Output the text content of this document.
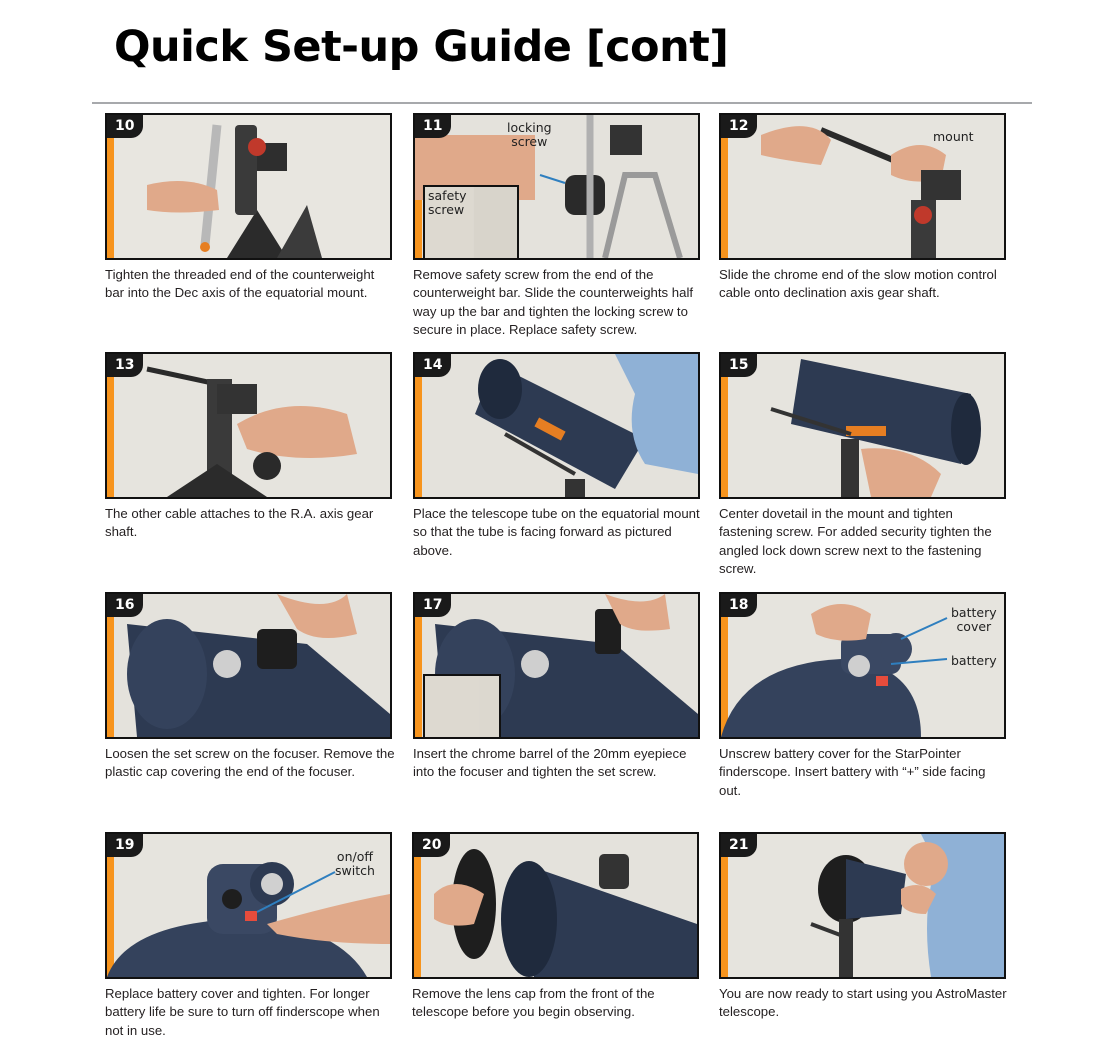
Quick Set-up Guide [cont]
10

Tighten the threaded end of the counterweight bar into the Dec axis of the equatorial mount.

11	locking
screw
safety
screw

Remove safety screw from the end of the counterweight bar. Slide the counterweights half way up the bar and tighten the locking screw to secure in place. Replace safety screw.

12
mount

Slide the chrome end of the slow motion control cable onto declination axis gear shaft.

13

The other cable attaches to the R.A. axis gear shaft.

14

Place the telescope tube on the equatorial mount so that the tube is facing forward as pictured above.

15

Center dovetail in the mount and tighten fastening screw. For added security tighten the angled lock down screw next to the fastening screw.

16

Loosen the set screw on the focuser. Remove the plastic cap covering the end of the focuser.

17

Insert the chrome barrel of the 20mm eyepiece into the focuser and tighten the set screw.

18	battery
cover
battery

Unscrew battery cover for the StarPointer finderscope. Insert battery with “+” side facing out.

19
on/off
switch

Replace battery cover and tighten. For longer battery life be sure to turn off finderscope when not in use.

20

Remove the lens cap from the front of the telescope before you begin observing.

21

You are now ready to start using you AstroMaster telescope.
